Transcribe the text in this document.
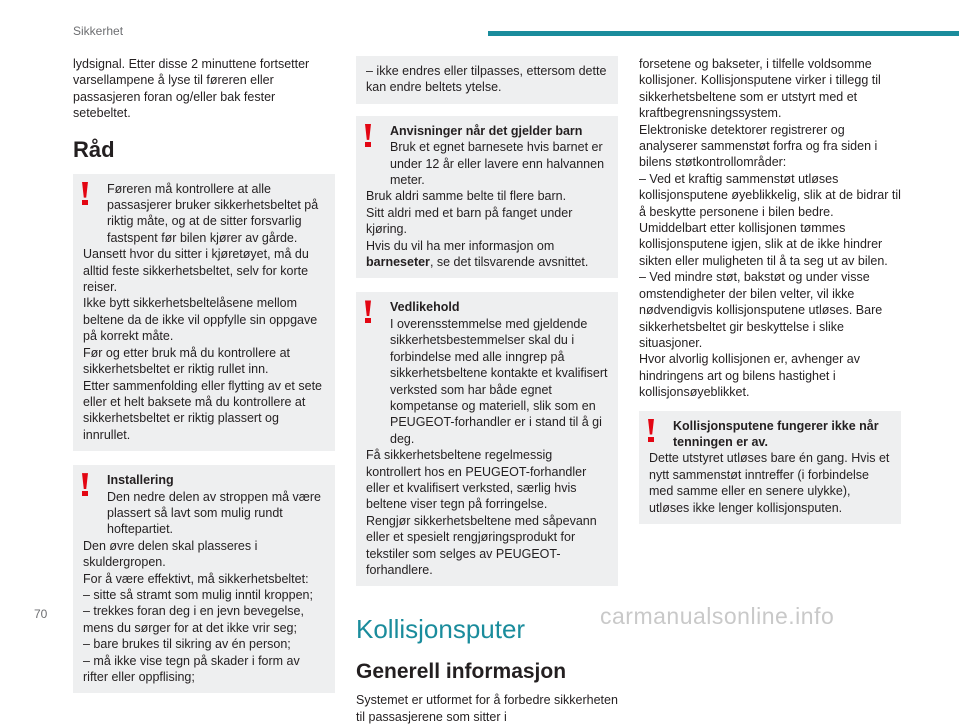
Sikkerhet

lydsignal. Etter disse 2 minuttene fortsetter varsellampene å lyse til føreren eller passasjeren foran og/eller bak fester setebeltet.

Råd
Føreren må kontrollere at alle passasjerer bruker sikkerhetsbeltet på riktig måte, og at de sitter forsvarlig fastspent før bilen kjører av gårde.
Uansett hvor du sitter i kjøretøyet, må du alltid feste sikkerhetsbeltet, selv for korte reiser.
Ikke bytt sikkerhetsbeltelåsene mellom beltene da de ikke vil oppfylle sin oppgave på korrekt måte.
Før og etter bruk må du kontrollere at sikkerhetsbeltet er riktig rullet inn.
Etter sammenfolding eller flytting av et sete eller et helt baksete må du kontrollere at sikkerhetsbeltet er riktig plassert og innrullet.
Installering
Den nedre delen av stroppen må være plassert så lavt som mulig rundt hoftepartiet.
Den øvre delen skal plasseres i skuldergropen.
For å være effektivt, må sikkerhetsbeltet:
– sitte så stramt som mulig inntil kroppen;
– trekkes foran deg i en jevn bevegelse, mens du sørger for at det ikke vrir seg;
– bare brukes til sikring av én person;
– må ikke vise tegn på skader i form av rifter eller oppflising;
– ikke endres eller tilpasses, ettersom dette kan endre beltets ytelse.
Anvisninger når det gjelder barn
Bruk et egnet barnesete hvis barnet er under 12 år eller lavere enn halvannen meter.
Bruk aldri samme belte til flere barn.
Sitt aldri med et barn på fanget under kjøring.
Hvis du vil ha mer informasjon om barneseter, se det tilsvarende avsnittet.
Vedlikehold
I overensstemmelse med gjeldende sikkerhetsbestemmelser skal du i forbindelse med alle inngrep på sikkerhetsbeltene kontakte et kvalifisert verksted som har både egnet kompetanse og materiell, slik som en PEUGEOT-forhandler er i stand til å gi deg.
Få sikkerhetsbeltene regelmessig kontrollert hos en PEUGEOT-forhandler eller et kvalifisert verksted, særlig hvis beltene viser tegn på forringelse.
Rengjør sikkerhetsbeltene med såpevann eller et spesielt rengjøringsprodukt for tekstiler som selges av PEUGEOT-forhandlere.
Kollisjonsputer
Generell informasjon

Systemet er utformet for å forbedre sikkerheten til passasjerene som sitter i

forsetene og bakseter, i tilfelle voldsomme kollisjoner. Kollisjonsputene virker i tillegg til sikkerhetsbeltene som er utstyrt med et kraftbegrensningssystem.

Elektroniske detektorer registrerer og analyserer sammenstøt forfra og fra siden i bilens støtkontrollområder:

– Ved et kraftig sammenstøt utløses kollisjonsputene øyeblikkelig, slik at de bidrar til å beskytte personene i bilen bedre. Umiddelbart etter kollisjonen tømmes kollisjonsputene igjen, slik at de ikke hindrer sikten eller muligheten til å ta seg ut av bilen.

– Ved mindre støt, bakstøt og under visse omstendigheter der bilen velter, vil ikke nødvendigvis kollisjonsputene utløses. Bare sikkerhetsbeltet gir beskyttelse i slike situasjoner.

Hvor alvorlig kollisjonen er, avhenger av hindringens art og bilens hastighet i kollisjonsøyeblikket.

Kollisjonsputene fungerer ikke når tenningen er av.
Dette utstyret utløses bare én gang. Hvis et nytt sammenstøt inntreffer (i forbindelse med samme eller en senere ulykke), utløses ikke lenger kollisjonsputen.
70	carmanualsonline.info
